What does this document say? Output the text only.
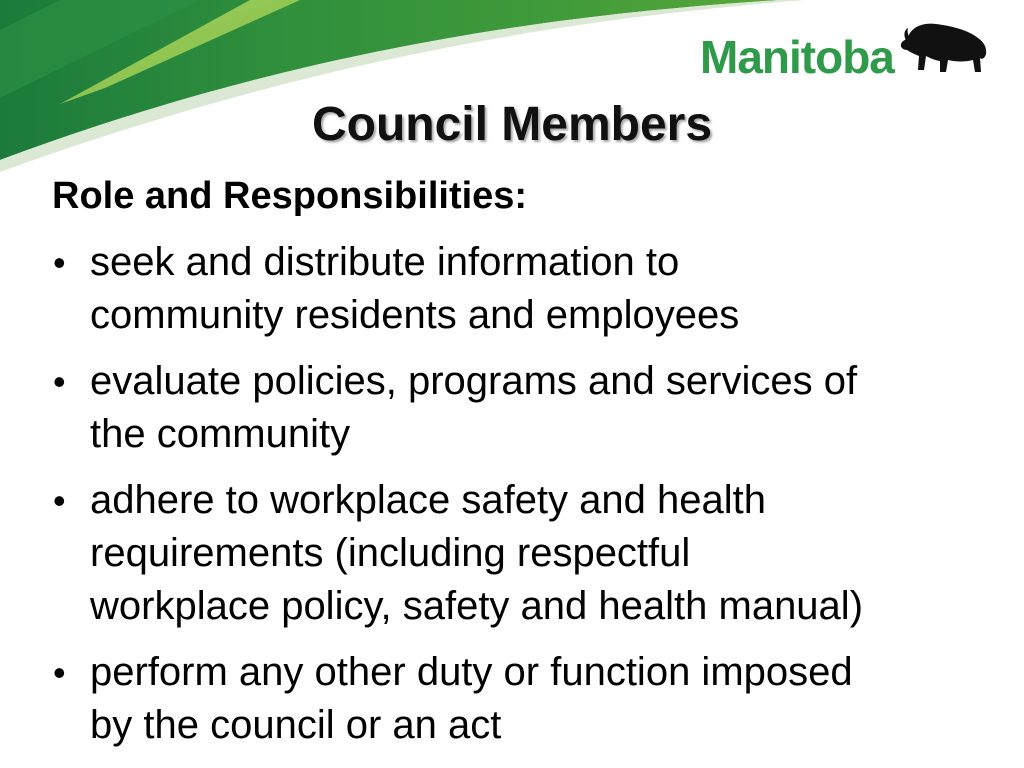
Manitoba
Council Members
Role and Responsibilities:
• seek and distribute information to
community residents and employees
• evaluate policies, programs and services of
the community
• adhere to workplace safety and health
requirements (including respectful
workplace policy, safety and health manual)
• perform any other duty or function imposed
by the council or an act
